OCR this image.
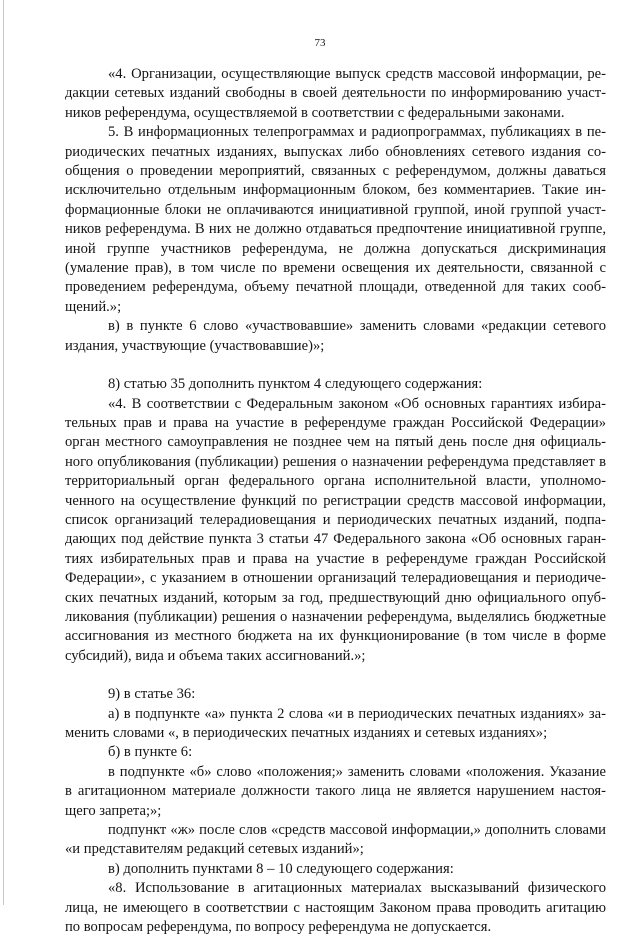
73

«4. Организации, осуществляющие выпуск средств массовой информации, редакции сетевых изданий свободны в своей деятельности по информированию участников референдума, осуществляемой в соответствии с федеральными законами.

5. В информационных телепрограммах и радиопрограммах, публикациях в периодических печатных изданиях, выпусках либо обновлениях сетевого издания сообщения о проведении мероприятий, связанных с референдумом, должны даваться исключительно отдельным информационным блоком, без комментариев. Такие информационные блоки не оплачиваются инициативной группой, иной группой участников референдума. В них не должно отдаваться предпочтение инициативной группе, иной группе участников референдума, не должна допускаться дискриминация (умаление прав), в том числе по времени освещения их деятельности, связанной с проведением референдума, объему печатной площади, отведенной для таких сообщений.»;

в) в пункте 6 слово «участвовавшие» заменить словами «редакции сетевого издания, участвующие (участвовавшие)»;

8) статью 35 дополнить пунктом 4 следующего содержания:

«4. В соответствии с Федеральным законом «Об основных гарантиях избирательных прав и права на участие в референдуме граждан Российской Федерации» орган местного самоуправления не позднее чем на пятый день после дня официального опубликования (публикации) решения о назначении референдума представляет в территориальный орган федерального органа исполнительной власти, уполномоченного на осуществление функций по регистрации средств массовой информации, список организаций телерадиовещания и периодических печатных изданий, подпадающих под действие пункта 3 статьи 47 Федерального закона «Об основных гарантиях избирательных прав и права на участие в референдуме граждан Российской Федерации», с указанием в отношении организаций телерадиовещания и периодических печатных изданий, которым за год, предшествующий дню официального опубликования (публикации) решения о назначении референдума, выделялись бюджетные ассигнования из местного бюджета на их функционирование (в том числе в форме субсидий), вида и объема таких ассигнований.»;

9) в статье 36:

а) в подпункте «а» пункта 2 слова «и в периодических печатных изданиях» заменить словами «, в периодических печатных изданиях и сетевых изданиях»;

б) в пункте 6:

в подпункте «б» слово «положения;» заменить словами «положения. Указание в агитационном материале должности такого лица не является нарушением настоящего запрета;»;

подпункт «ж» после слов «средств массовой информации,» дополнить словами «и представителям редакций сетевых изданий»;

в) дополнить пунктами 8 – 10 следующего содержания:

«8. Использование в агитационных материалах высказываний физического лица, не имеющего в соответствии с настоящим Законом права проводить агитацию по вопросам референдума, по вопросу референдума не допускается.
